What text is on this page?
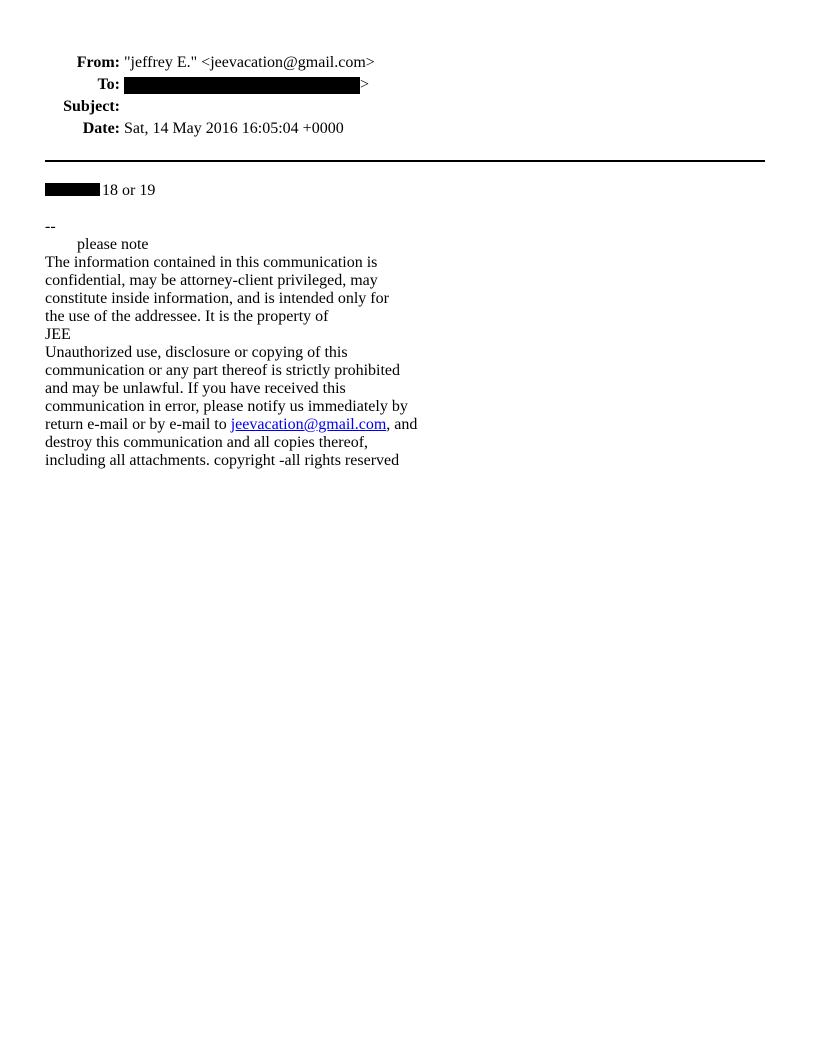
From: "jeffrey E." <jeevacation@gmail.com>
To:	>
Subject:
Date: Sat, 14 May 2016 16:05:04 +0000
18 or 19
--
please note
The information contained in this communication is
confidential, may be attorney-client privileged, may
constitute inside information, and is intended only for
the use of the addressee. It is the property of
JEE
Unauthorized use, disclosure or copying of this
communication or any part thereof is strictly prohibited
and may be unlawful. If you have received this
communication in error, please notify us immediately by
return e-mail or by e-mail to jeevacation@gmail.com, and
destroy this communication and all copies thereof,
including all attachments. copyright -all rights reserved
